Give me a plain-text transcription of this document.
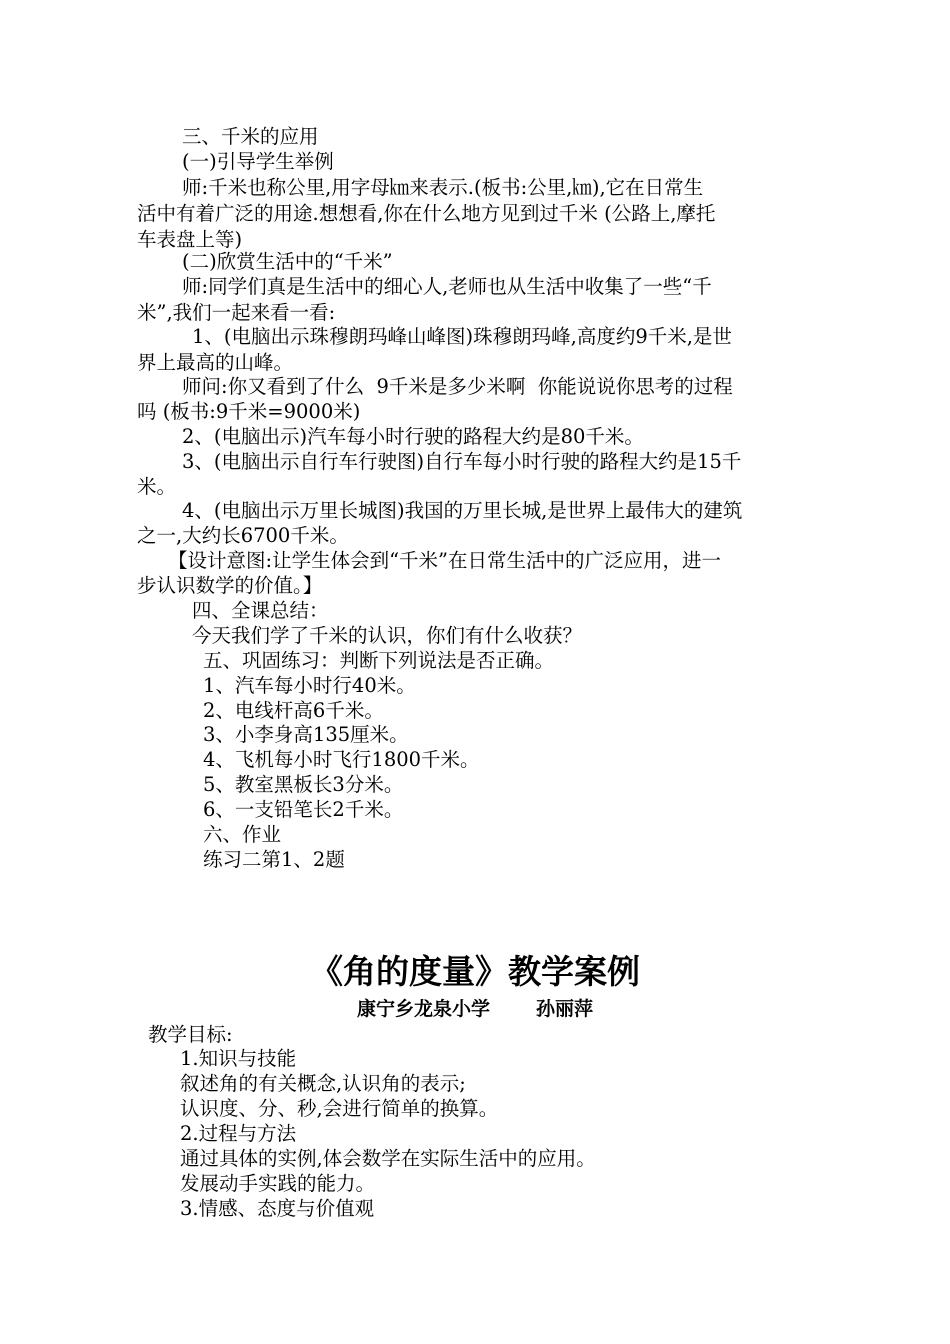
三、千米的应用

(一)引导学生举例

师:千米也称公里,用字母㎞来表示.(板书:公里,㎞),它在日常生

活中有着广泛的用途.想想看,你在什么地方见到过千米 (公路上,摩托

车表盘上等)

(二)欣赏生活中的“千米”

师:同学们真是生活中的细心人,老师也从生活中收集了一些“千

米”,我们一起来看一看:

1、(电脑出示珠穆朗玛峰山峰图)珠穆朗玛峰,高度约9千米,是世

界上最高的山峰。

师问:你又看到了什么  9千米是多少米啊  你能说说你思考的过程

吗 (板书:9千米=9000米)

2、(电脑出示)汽车每小时行驶的路程大约是80千米。

3、(电脑出示自行车行驶图)自行车每小时行驶的路程大约是15千

米。

4、(电脑出示万里长城图)我国的万里长城,是世界上最伟大的建筑

之一,大约长6700千米。

【设计意图:让学生体会到“千米”在日常生活中的广泛应用，进一

步认识数学的价值。】

四、全课总结：

今天我们学了千米的认识，你们有什么收获？

五、巩固练习：判断下列说法是否正确。

1、汽车每小时行40米。

2、电线杆高6千米。

3、小李身高135厘米。

4、飞机每小时飞行1800千米。

5、教室黑板长3分米。

6、一支铅笔长2千米。

六、作业

练习二第1、2题

《角的度量》教学案例
康宁乡龙泉小学 孙丽萍

教学目标:

1.知识与技能

叙述角的有关概念,认识角的表示;

认识度、分、秒,会进行简单的换算。

2.过程与方法

通过具体的实例,体会数学在实际生活中的应用。

发展动手实践的能力。

3.情感、态度与价值观
